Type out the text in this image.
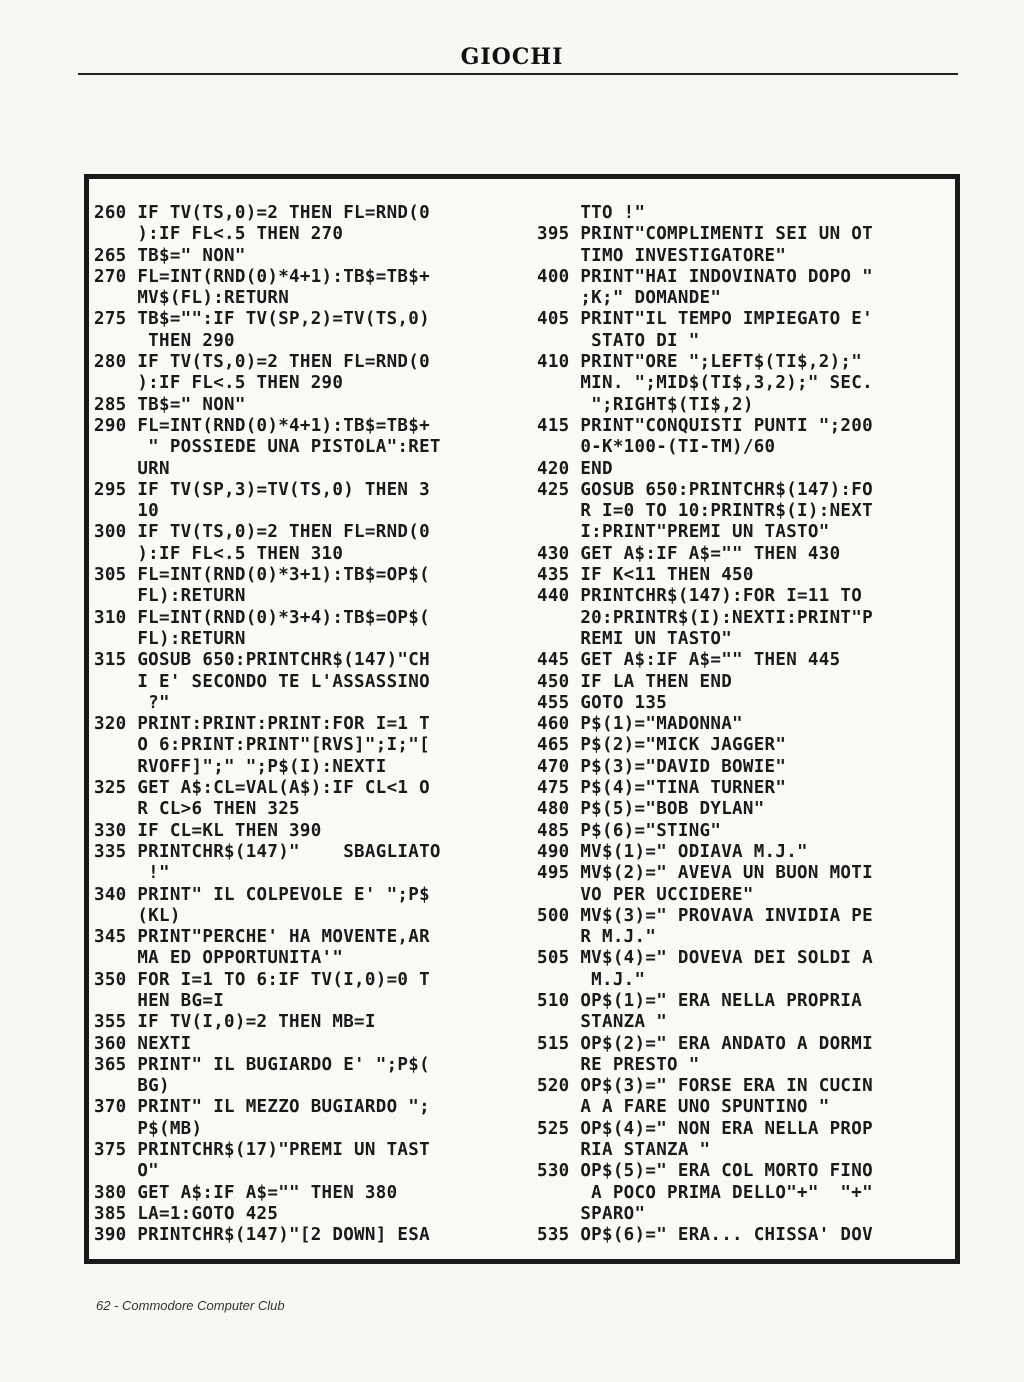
GIOCHI
260 IF TV(TS,0)=2 THEN FL=RND(0
):IF FL<.5 THEN 270
265 TB$=" NON"
270 FL=INT(RND(0)*4+1):TB$=TB$+
MV$(FL):RETURN
275 TB$="":IF TV(SP,2)=TV(TS,0)
THEN 290
280 IF TV(TS,0)=2 THEN FL=RND(0
):IF FL<.5 THEN 290
285 TB$=" NON"
290 FL=INT(RND(0)*4+1):TB$=TB$+
" POSSIEDE UNA PISTOLA":RET
URN
295 IF TV(SP,3)=TV(TS,0) THEN 3
10
300 IF TV(TS,0)=2 THEN FL=RND(0
):IF FL<.5 THEN 310
305 FL=INT(RND(0)*3+1):TB$=OP$(
FL):RETURN
310 FL=INT(RND(0)*3+4):TB$=OP$(
FL):RETURN
315 GOSUB 650:PRINTCHR$(147)"CH
I E' SECONDO TE L'ASSASSINO
?"
320 PRINT:PRINT:PRINT:FOR I=1 T
O 6:PRINT:PRINT"[RVS]";I;"[
RVOFF]";" ";P$(I):NEXTI
325 GET A$:CL=VAL(A$):IF CL<1 O
R CL>6 THEN 325
330 IF CL=KL THEN 390
335 PRINTCHR$(147)"    SBAGLIATO
!"
340 PRINT" IL COLPEVOLE E' ";P$
(KL)
345 PRINT"PERCHE' HA MOVENTE,AR
MA ED OPPORTUNITA'"
350 FOR I=1 TO 6:IF TV(I,0)=0 T
HEN BG=I
355 IF TV(I,0)=2 THEN MB=I
360 NEXTI
365 PRINT" IL BUGIARDO E' ";P$(
BG)
370 PRINT" IL MEZZO BUGIARDO ";
P$(MB)
375 PRINTCHR$(17)"PREMI UN TAST
O"
380 GET A$:IF A$="" THEN 380
385 LA=1:GOTO 425
390 PRINTCHR$(147)"[2 DOWN] ESA
TTO !"
395 PRINT"COMPLIMENTI SEI UN OT
TIMO INVESTIGATORE"
400 PRINT"HAI INDOVINATO DOPO "
;K;" DOMANDE"
405 PRINT"IL TEMPO IMPIEGATO E'
STATO DI "
410 PRINT"ORE ";LEFT$(TI$,2);"
MIN. ";MID$(TI$,3,2);" SEC.
";RIGHT$(TI$,2)
415 PRINT"CONQUISTI PUNTI ";200
0-K*100-(TI-TM)/60
420 END
425 GOSUB 650:PRINTCHR$(147):FO
R I=0 TO 10:PRINTR$(I):NEXT
I:PRINT"PREMI UN TASTO"
430 GET A$:IF A$="" THEN 430
435 IF K<11 THEN 450
440 PRINTCHR$(147):FOR I=11 TO
20:PRINTR$(I):NEXTI:PRINT"P
REMI UN TASTO"
445 GET A$:IF A$="" THEN 445
450 IF LA THEN END
455 GOTO 135
460 P$(1)="MADONNA"
465 P$(2)="MICK JAGGER"
470 P$(3)="DAVID BOWIE"
475 P$(4)="TINA TURNER"
480 P$(5)="BOB DYLAN"
485 P$(6)="STING"
490 MV$(1)=" ODIAVA M.J."
495 MV$(2)=" AVEVA UN BUON MOTI
VO PER UCCIDERE"
500 MV$(3)=" PROVAVA INVIDIA PE
R M.J."
505 MV$(4)=" DOVEVA DEI SOLDI A
M.J."
510 OP$(1)=" ERA NELLA PROPRIA
STANZA "
515 OP$(2)=" ERA ANDATO A DORMI
RE PRESTO "
520 OP$(3)=" FORSE ERA IN CUCIN
A A FARE UNO SPUNTINO "
525 OP$(4)=" NON ERA NELLA PROP
RIA STANZA "
530 OP$(5)=" ERA COL MORTO FINO
A POCO PRIMA DELLO"+"  "+"
SPARO"
535 OP$(6)=" ERA... CHISSA' DOV
62 - Commodore Computer Club
